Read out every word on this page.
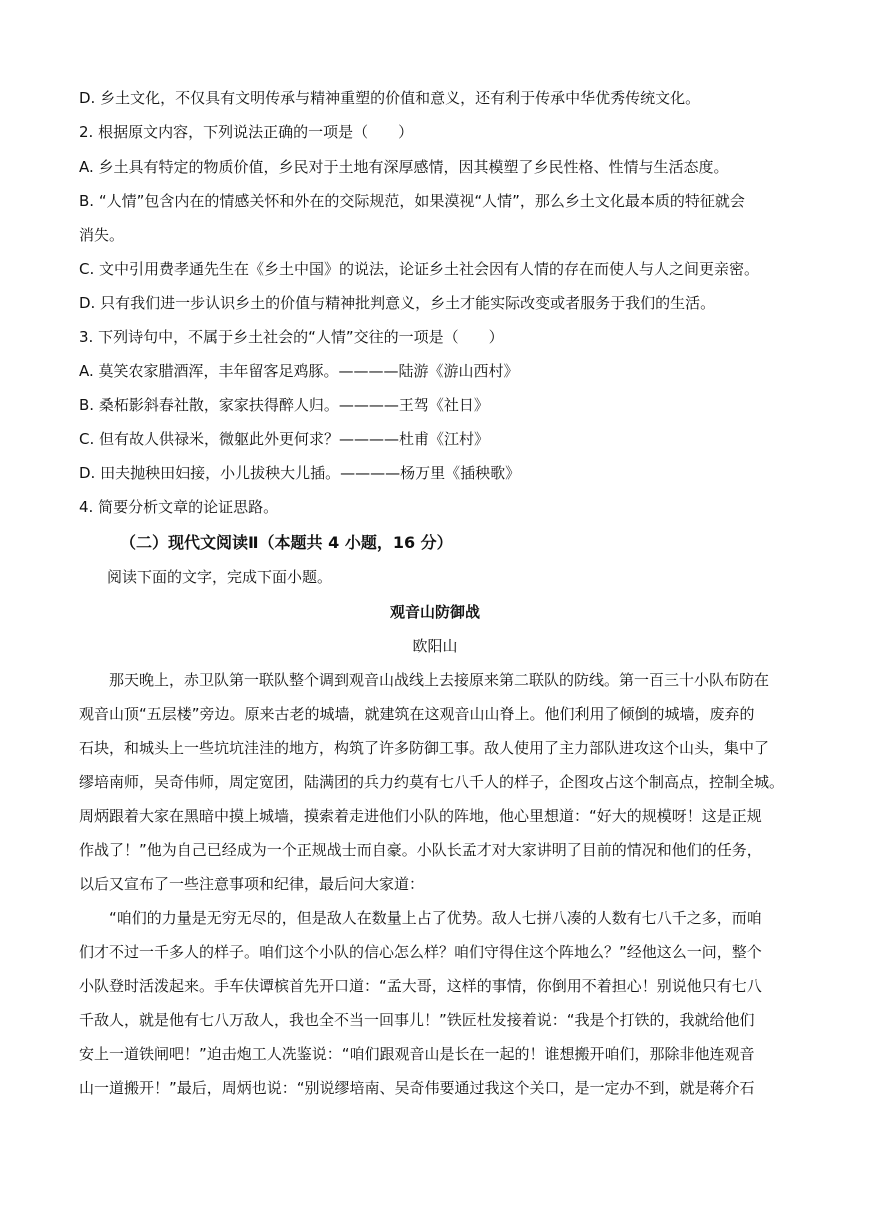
D. 乡土文化，不仅具有文明传承与精神重塑的价值和意义，还有利于传承中华优秀传统文化。
2. 根据原文内容，下列说法正确的一项是（　　）
A. 乡土具有特定的物质价值，乡民对于土地有深厚感情，因其模塑了乡民性格、性情与生活态度。
B. “人情”包含内在的情感关怀和外在的交际规范，如果漠视“人情”，那么乡土文化最本质的特征就会
消失。
C. 文中引用费孝通先生在《乡土中国》的说法，论证乡土社会因有人情的存在而使人与人之间更亲密。
D. 只有我们进一步认识乡土的价值与精神批判意义，乡土才能实际改变或者服务于我们的生活。
3. 下列诗句中，不属于乡土社会的“人情”交往的一项是（　　）
A. 莫笑农家腊酒浑，丰年留客足鸡豚。————陆游《游山西村》
B. 桑柘影斜春社散，家家扶得醉人归。————王驾《社日》
C. 但有故人供禄米，微躯此外更何求？————杜甫《江村》
D. 田夫抛秧田妇接，小儿拔秧大儿插。————杨万里《插秧歌》
4. 简要分析文章的论证思路。
（二）现代文阅读Ⅱ（本题共 4 小题，16 分）
阅读下面的文字，完成下面小题。
观音山防御战
欧阳山
　　那天晚上，赤卫队第一联队整个调到观音山战线上去接原来第二联队的防线。第一百三十小队布防在
观音山顶“五层楼”旁边。原来古老的城墙，就建筑在这观音山山脊上。他们利用了倾倒的城墙，废弃的
石块，和城头上一些坑坑洼洼的地方，构筑了许多防御工事。敌人使用了主力部队进攻这个山头，集中了
缪培南师，吴奇伟师，周定宽团，陆满团的兵力约莫有七八千人的样子，企图攻占这个制高点，控制全城。
周炳跟着大家在黑暗中摸上城墙，摸索着走进他们小队的阵地，他心里想道：“好大的规模呀！这是正规
作战了！”他为自己已经成为一个正规战士而自豪。小队长孟才对大家讲明了目前的情况和他们的任务，
以后又宣布了一些注意事项和纪律，最后问大家道：
　　“咱们的力量是无穷无尽的，但是敌人在数量上占了优势。敌人七拼八凑的人数有七八千之多，而咱
们才不过一千多人的样子。咱们这个小队的信心怎么样？咱们守得住这个阵地么？”经他这么一问，整个
小队登时活泼起来。手车伕谭槟首先开口道：“孟大哥，这样的事情，你倒用不着担心！别说他只有七八
千敌人，就是他有七八万敌人，我也全不当一回事儿！”铁匠杜发接着说：“我是个打铁的，我就给他们
安上一道铁闸吧！”迫击炮工人冼鉴说：“咱们跟观音山是长在一起的！谁想搬开咱们，那除非他连观音
山一道搬开！”最后，周炳也说：“别说缪培南、吴奇伟要通过我这个关口，是一定办不到，就是蒋介石
